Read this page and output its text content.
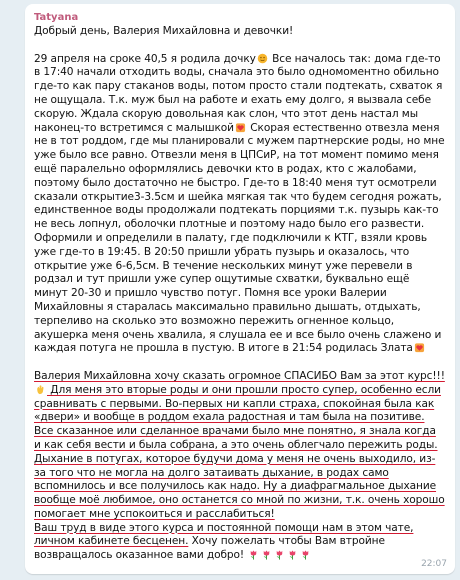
Tatyana

Добрый день, Валерия Михайловна и девочки!

29 апреля на сроке 40,5 я родила дочку Все началось так: дома где-то в 17:40 начали отходить воды, сначала это было одномоментно обильно где-то как пару стаканов воды, потом просто стали подтекать, схваток я не ощущала. Т.к. муж был на работе и ехать ему долго, я вызвала себе скорую. Ждала скорую довольная как слон, что этот день настал мы наконец-то встретимся с малышкой Скорая естественно отвезла меня не в тот роддом, где мы планировали с мужем партнерские роды, но мне уже было все равно. Отвезли меня в ЦПСиР, на тот момент помимо меня ещё паралельно оформлялись девочки кто в родах, кто с жалобами, поэтому было достаточно не быстро. Где-то в 18:40 меня тут осмотрели сказали открытие3-3.5см и шейка мягкая так что будем сегодня рожать, единственное воды продолжали подтекать порциями т.к. пузырь как-то не весь лопнул, оболочки плотные и поэтому надо было его развести. Оформили и определили в палату, где подключили к КТГ, взяли кровь уже где-то в 19:45. В 20:50 пришли убрать пузырь и оказалось, что открытие уже 6-6,5см. В течение нескольких минут уже перевели в родзал и тут пришли уже супер ощутимые схватки, буквально ещё минут 20-30 и пришло чувство потуг. Помня все уроки Валерии Михайловны я старалась максимально правильно дышать, отдыхать, терпеливо на сколько это возможно пережить огненное кольцо, акушерка меня очень хвалила, я слушала ее и все было очень слажено и каждая потуга не прошла в пустую. В итоге в 21:54 родилась Злата

Валерия Михайловна хочу сказать огромное СПАСИБО Вам за этот курс!!!
Для меня это вторые роды и они прошли просто супер, особенно если сравнивать с первыми. Во-первых ни капли страха, спокойная была как «двери» и вообще в роддом ехала радостная и там была на позитиве. Все сказанное или сделанное врачами было мне понятно, я знала когда и как себя вести и была собрана, а это очень облегчало пережить роды. Дыхание в потугах, которое будучи дома у меня не очень выходило, из-за того что не могла на долго затаивать дыхание, в родах само вспомнилось и все получилось как надо. Ну а диафрагмальное дыхание вообще моё любимое, оно останется со мной по жизни, т.к. очень хорошо помогает мне успокоиться и расслабиться!
Ваш труд в виде этого курса и постоянной помощи нам в этом чате, личном кабинете бесценен. Хочу пожелать чтобы Вам втройне возвращалось оказанное вами добро!

22:07
